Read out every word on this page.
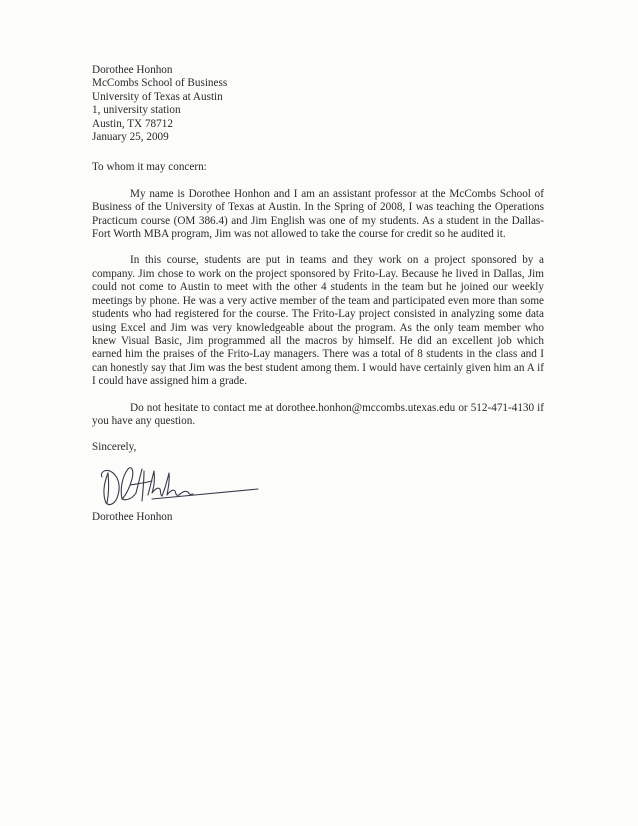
Dorothee Honhon
McCombs School of Business
University of Texas at Austin
1, university station
Austin, TX 78712
January 25, 2009
To whom it may concern:
My name is Dorothee Honhon and I am an assistant professor at the McCombs School of Business of the University of Texas at Austin. In the Spring of 2008, I was teaching the Operations Practicum course (OM 386.4) and Jim English was one of my students. As a student in the Dallas-Fort Worth MBA program, Jim was not allowed to take the course for credit so he audited it.
In this course, students are put in teams and they work on a project sponsored by a company. Jim chose to work on the project sponsored by Frito-Lay. Because he lived in Dallas, Jim could not come to Austin to meet with the other 4 students in the team but he joined our weekly meetings by phone. He was a very active member of the team and participated even more than some students who had registered for the course. The Frito-Lay project consisted in analyzing some data using Excel and Jim was very knowledgeable about the program. As the only team member who knew Visual Basic, Jim programmed all the macros by himself. He did an excellent job which earned him the praises of the Frito-Lay managers. There was a total of 8 students in the class and I can honestly say that Jim was the best student among them. I would have certainly given him an A if I could have assigned him a grade.
Do not hesitate to contact me at dorothee.honhon@mccombs.utexas.edu or 512-471-4130 if you have any question.
Sincerely,
Dorothee Honhon
